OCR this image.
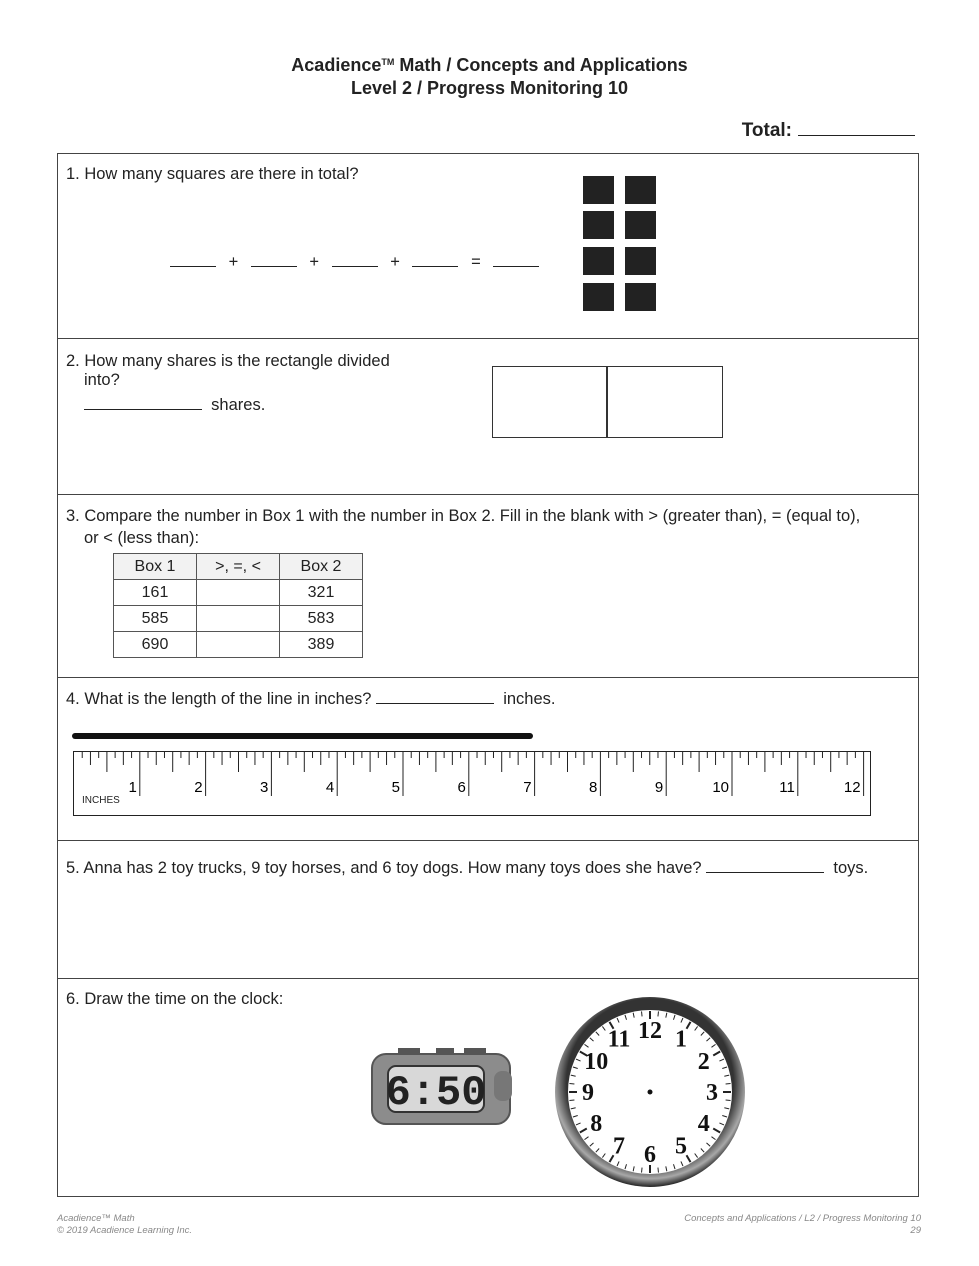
Acadience™ Math / Concepts and Applications
Level 2 / Progress Monitoring 10
Total:
1. How many squares are there in total?
+	+	+	=
2. How many shares is the rectangle divided
into?
shares.
3. Compare the number in Box 1 with the number in Box 2. Fill in the blank with > (greater than), = (equal to),
or < (less than):
Box 1	>, =, <	Box 2
161		321
585		583
690		389
4. What is the length of the line in inches?	inches.
1	2	3	4	5	6	7	8	9	10	11	12
INCHES
5. Anna has 2 toy trucks, 9 toy horses, and 6 toy dogs. How many toys does she have?	toys.
6. Draw the time on the clock:
6:50
12 1
2
3
4
5
6
7
8
9
10
11
Acadience™ Math
© 2019 Acadience Learning Inc.
Concepts and Applications / L2 / Progress Monitoring 10
29
